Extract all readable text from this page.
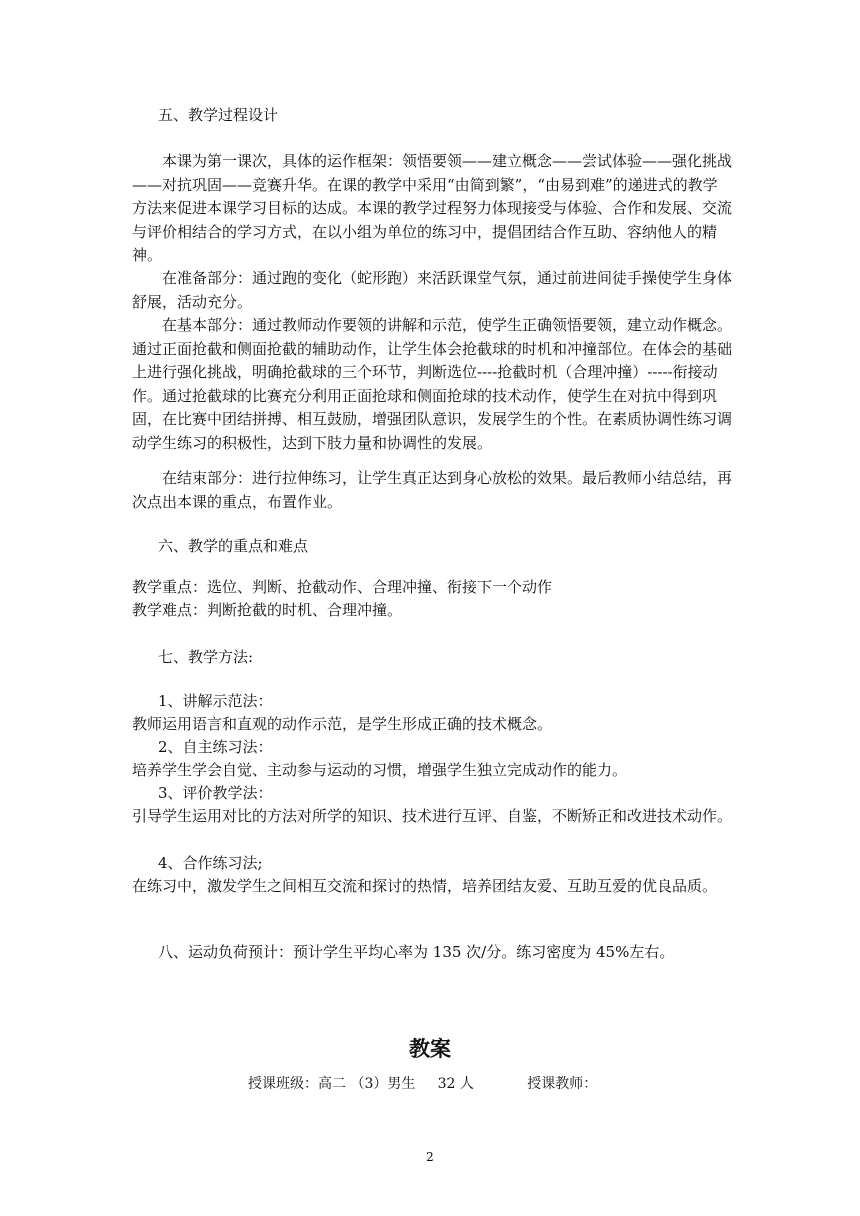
五、教学过程设计
本课为第一课次，具体的运作框架：领悟要领——建立概念——尝试体验——强化挑战——对抗巩固——竞赛升华。在课的教学中采用“由简到繁”，“由易到难”的递进式的教学方法来促进本课学习目标的达成。本课的教学过程努力体现接受与体验、合作和发展、交流与评价相结合的学习方式，在以小组为单位的练习中，提倡团结合作互助、容纳他人的精神。
在准备部分：通过跑的变化（蛇形跑）来活跃课堂气氛，通过前进间徒手操使学生身体舒展，活动充分。
在基本部分：通过教师动作要领的讲解和示范，使学生正确领悟要领，建立动作概念。通过正面抢截和侧面抢截的辅助动作，让学生体会抢截球的时机和冲撞部位。在体会的基础上进行强化挑战，明确抢截球的三个环节，判断选位----抢截时机（合理冲撞）-----衔接动作。通过抢截球的比赛充分利用正面抢球和侧面抢球的技术动作，使学生在对抗中得到巩固，在比赛中团结拼搏、相互鼓励，增强团队意识，发展学生的个性。在素质协调性练习调动学生练习的积极性，达到下肢力量和协调性的发展。
在结束部分：进行拉伸练习，让学生真正达到身心放松的效果。最后教师小结总结，再次点出本课的重点，布置作业。
六、教学的重点和难点
教学重点：选位、判断、抢截动作、合理冲撞、衔接下一个动作
教学难点：判断抢截的时机、合理冲撞。
七、教学方法:
1、讲解示范法：
教师运用语言和直观的动作示范，是学生形成正确的技术概念。
2、自主练习法：
培养学生学会自觉、主动参与运动的习惯，增强学生独立完成动作的能力。
3、评价教学法：
引导学生运用对比的方法对所学的知识、技术进行互评、自鉴，不断矫正和改进技术动作。
4、合作练习法;
在练习中，激发学生之间相互交流和探讨的热情，培养团结友爱、互助互爱的优良品质。
八、运动负荷预计：预计学生平均心率为 135 次/分。练习密度为 45%左右。
教案
授课班级：高二 （3）男生 32 人	授课教师：
2
